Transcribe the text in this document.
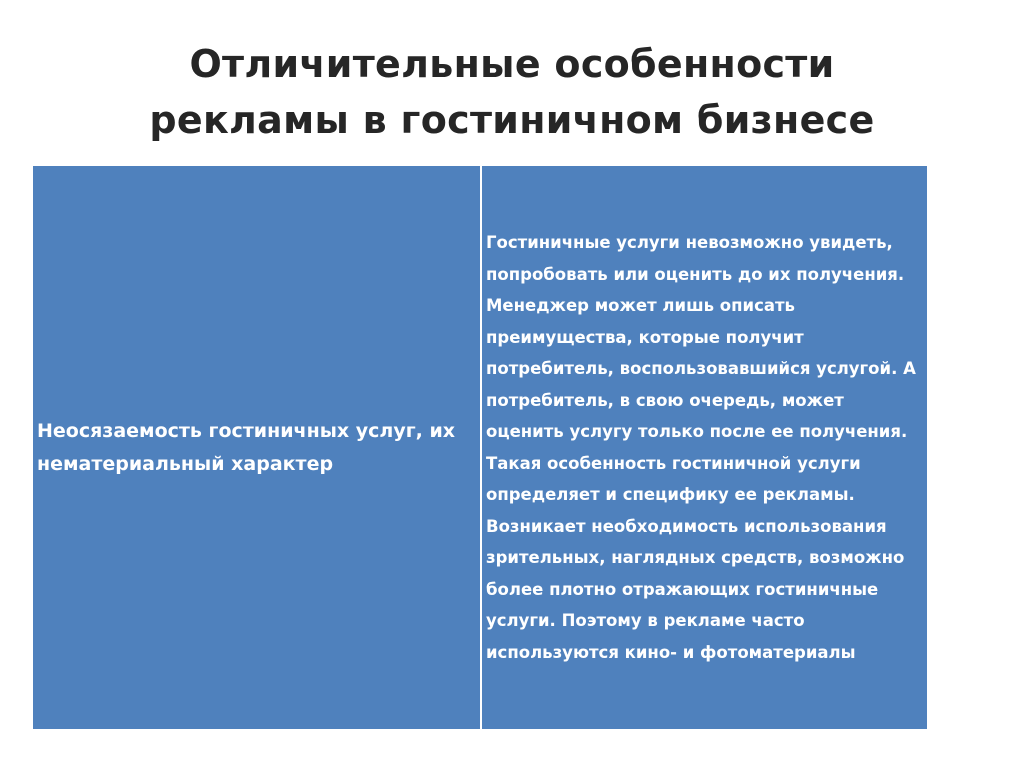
Отличительные особенности
рекламы в гостиничном бизнесе
Неосязаемость гостиничных услуг, их нематериальный характер
Гостиничные услуги невозможно увидеть, попробовать или оценить до их получения. Менеджер может лишь описать преимущества, которые получит потребитель, воспользовавшийся услугой. А потребитель, в свою очередь, может оценить услугу только после ее получения. Такая особенность гостиничной услуги определяет и специфику ее рекламы. Возникает необходимость использования зрительных, наглядных средств, возможно более плотно отражающих гостиничные услуги. Поэтому в рекламе часто используются кино- и фотоматериалы
